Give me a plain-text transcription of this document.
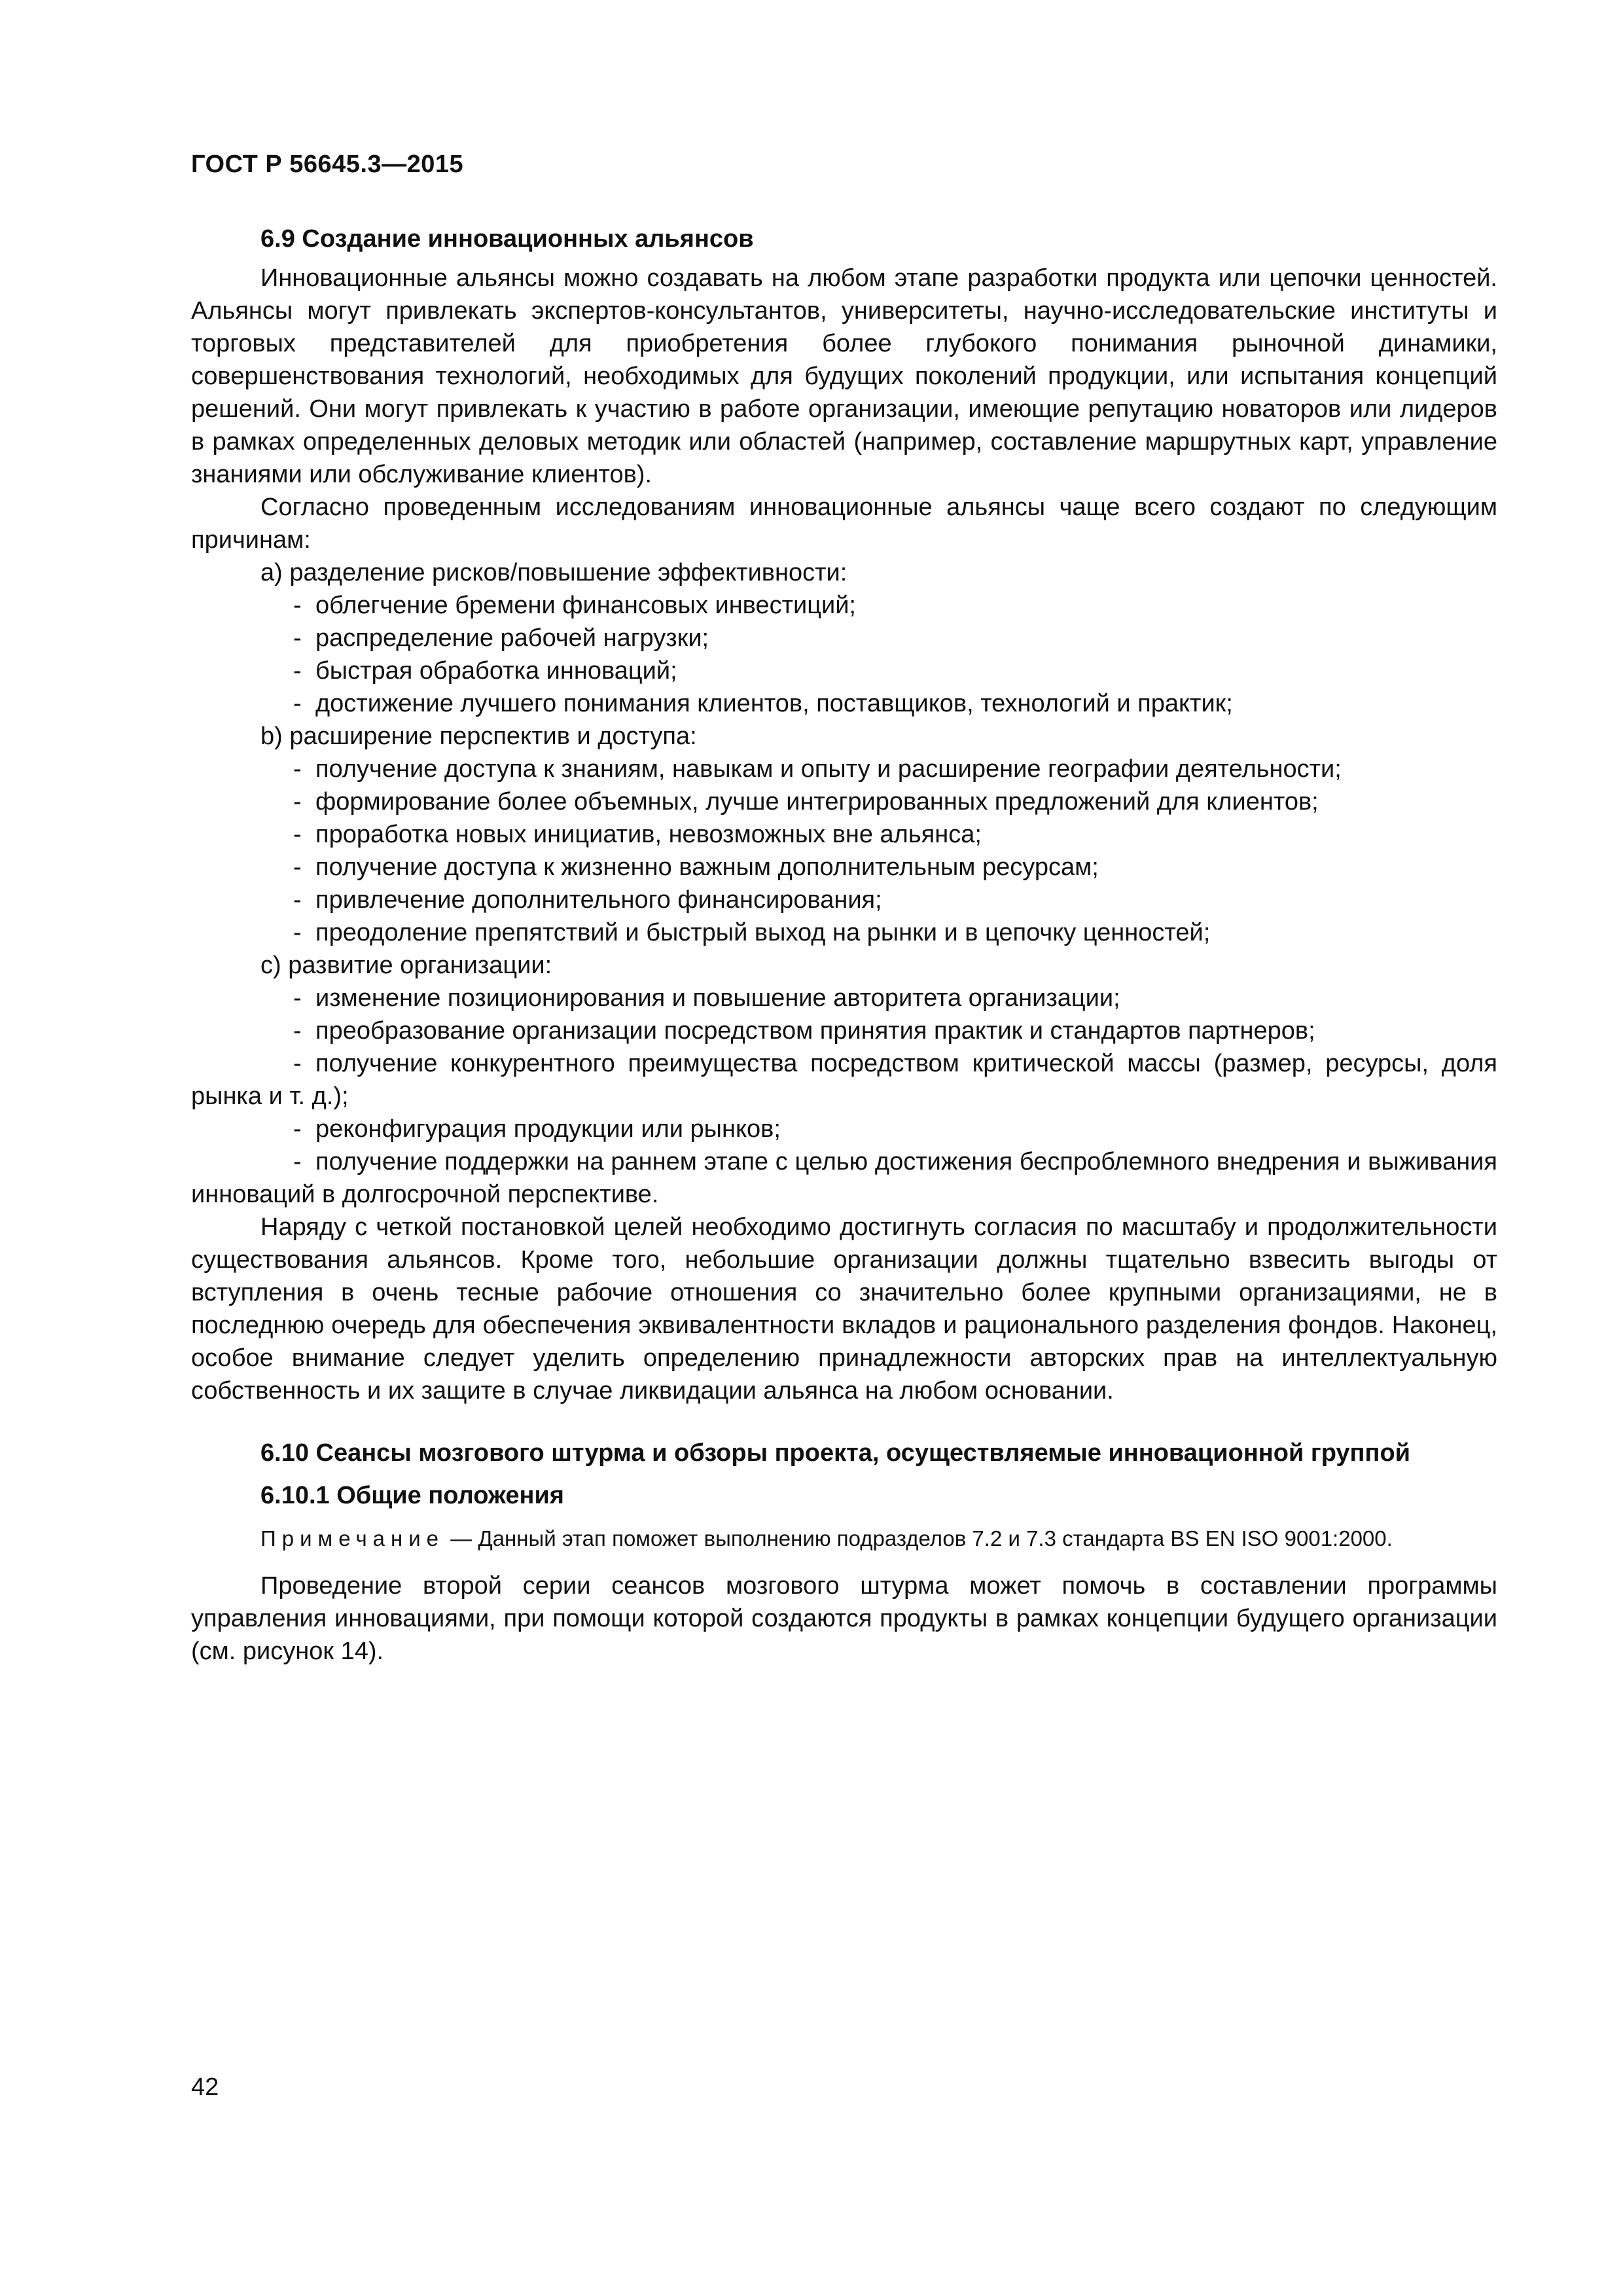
ГОСТ Р 56645.3—2015
6.9 Создание инновационных альянсов

Инновационные альянсы можно создавать на любом этапе разработки продукта или цепочки ценностей. Альянсы могут привлекать экспертов-консультантов, университеты, научно-исследовательские институты и торговых представителей для приобретения более глубокого понимания рыночной динамики, совершенствования технологий, необходимых для будущих поколений продукции, или испытания концепций решений. Они могут привлекать к участию в работе организации, имеющие репутацию новаторов или лидеров в рамках определенных деловых методик или областей (например, составление маршрутных карт, управление знаниями или обслуживание клиентов).

Согласно проведенным исследованиям инновационные альянсы чаще всего создают по следующим причинам:

a) разделение рисков/повышение эффективности:

- облегчение бремени финансовых инвестиций;

- распределение рабочей нагрузки;

- быстрая обработка инноваций;

- достижение лучшего понимания клиентов, поставщиков, технологий и практик;

b) расширение перспектив и доступа:

- получение доступа к знаниям, навыкам и опыту и расширение географии деятельности;

- формирование более объемных, лучше интегрированных предложений для клиентов;

- проработка новых инициатив, невозможных вне альянса;

- получение доступа к жизненно важным дополнительным ресурсам;

- привлечение дополнительного финансирования;

- преодоление препятствий и быстрый выход на рынки и в цепочку ценностей;

c) развитие организации:

- изменение позиционирования и повышение авторитета организации;

- преобразование организации посредством принятия практик и стандартов партнеров;

- получение конкурентного преимущества посредством критической массы (размер, ресурсы, доля рынка и т. д.);

- реконфигурация продукции или рынков;

- получение поддержки на раннем этапе с целью достижения беспроблемного внедрения и выживания инноваций в долгосрочной перспективе.

Наряду с четкой постановкой целей необходимо достигнуть согласия по масштабу и продолжительности существования альянсов. Кроме того, небольшие организации должны тщательно взвесить выгоды от вступления в очень тесные рабочие отношения со значительно более крупными организациями, не в последнюю очередь для обеспечения эквивалентности вкладов и рационального разделения фондов. Наконец, особое внимание следует уделить определению принадлежности авторских прав на интеллектуальную собственность и их защите в случае ликвидации альянса на любом основании.

6.10 Сеансы мозгового штурма и обзоры проекта, осуществляемые инновационной группой
6.10.1 Общие положения

Примечание — Данный этап поможет выполнению подразделов 7.2 и 7.3 стандарта BS EN ISO 9001:2000.

Проведение второй серии сеансов мозгового штурма может помочь в составлении программы управления инновациями, при помощи которой создаются продукты в рамках концепции будущего организации (см. рисунок 14).

42
